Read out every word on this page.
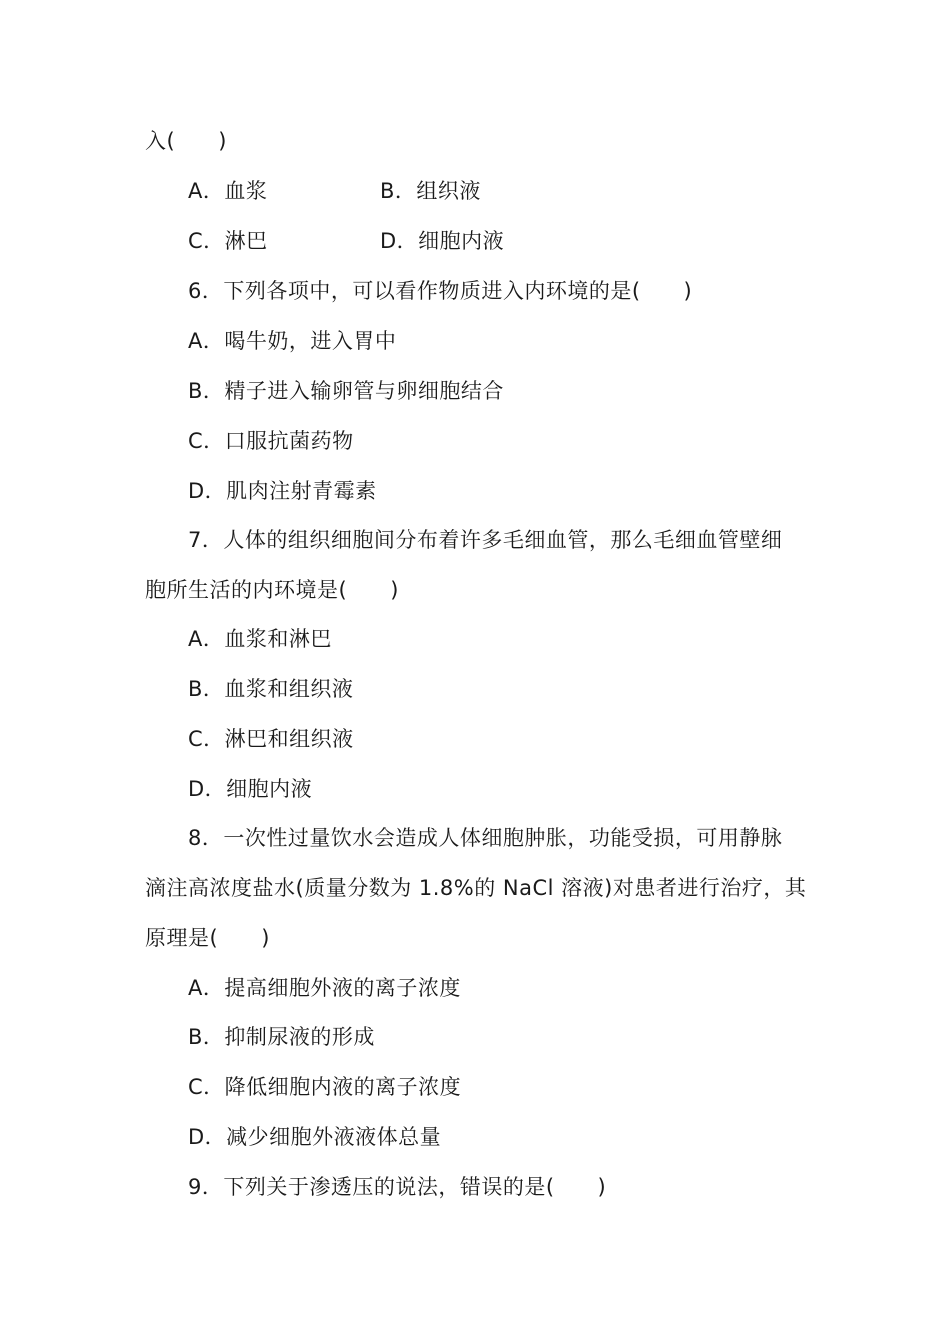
入(　　)
A．血浆	B．组织液
C．淋巴	D．细胞内液
6．下列各项中，可以看作物质进入内环境的是(　　)
A．喝牛奶，进入胃中
B．精子进入输卵管与卵细胞结合
C．口服抗菌药物
D．肌肉注射青霉素
7．人体的组织细胞间分布着许多毛细血管，那么毛细血管壁细
胞所生活的内环境是(　　)
A．血浆和淋巴
B．血浆和组织液
C．淋巴和组织液
D．细胞内液
8．一次性过量饮水会造成人体细胞肿胀，功能受损，可用静脉
滴注高浓度盐水(质量分数为 1.8%的 NaCl 溶液)对患者进行治疗，其
原理是(　　)
A．提高细胞外液的离子浓度
B．抑制尿液的形成
C．降低细胞内液的离子浓度
D．减少细胞外液液体总量
9．下列关于渗透压的说法，错误的是(　　)
